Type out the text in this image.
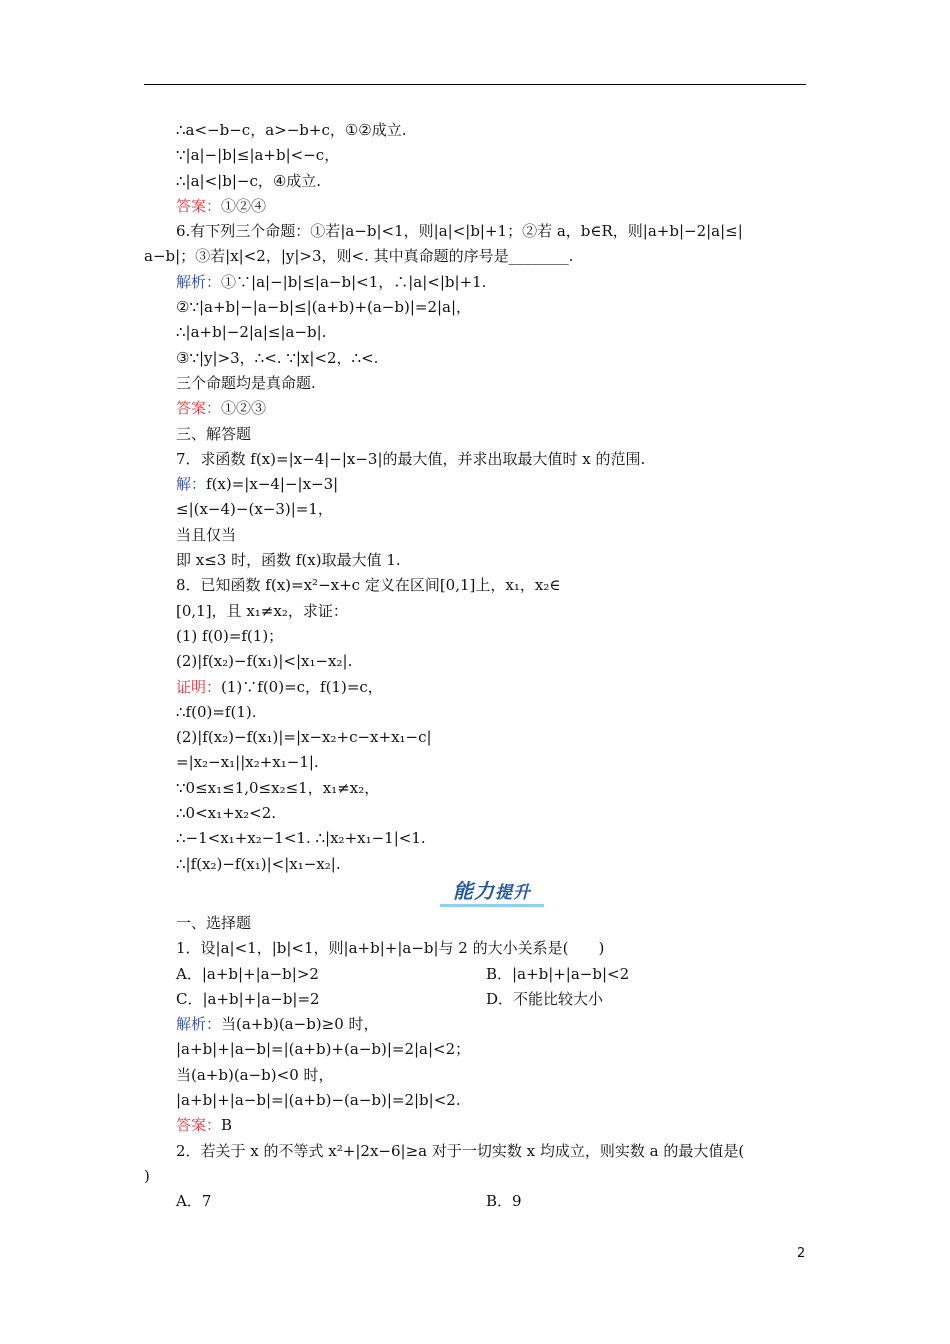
∴a<−b−c，a>−b+c，①②成立.
∵|a|−|b|≤|a+b|<−c，
∴|a|<|b|−c，④成立.
答案：①②④
6.有下列三个命题：①若|a−b|<1，则|a|<|b|+1；②若 a，b∈R，则|a+b|−2|a|≤|
a−b|；③若|x|<2，|y|>3，则<. 其中真命题的序号是________.
解析：①∵|a|−|b|≤|a−b|<1，∴|a|<|b|+1.
②∵|a+b|−|a−b|≤|(a+b)+(a−b)|=2|a|，
∴|a+b|−2|a|≤|a−b|.
③∵|y|>3，∴<. ∵|x|<2，∴<.
三个命题均是真命题.
答案：①②③
三、解答题
7．求函数 f(x)=|x−4|−|x−3|的最大值，并求出取最大值时 x 的范围.
解：f(x)=|x−4|−|x−3|
≤|(x−4)−(x−3)|=1，
当且仅当
即 x≤3 时，函数 f(x)取最大值 1.
8．已知函数 f(x)=x²−x+c 定义在区间[0,1]上，x₁，x₂∈
[0,1]，且 x₁≠x₂，求证：
(1) f(0)=f(1)；
(2)|f(x₂)−f(x₁)|<|x₁−x₂|.
证明：(1)∵f(0)=c，f(1)=c，
∴f(0)=f(1).
(2)|f(x₂)−f(x₁)|=|x−x₂+c−x+x₁−c|
=|x₂−x₁||x₂+x₁−1|.
∵0≤x₁≤1,0≤x₂≤1，x₁≠x₂，
∴0<x₁+x₂<2.
∴−1<x₁+x₂−1<1. ∴|x₂+x₁−1|<1.
∴|f(x₂)−f(x₁)|<|x₁−x₂|.
能力提升
一、选择题
1．设|a|<1，|b|<1，则|a+b|+|a−b|与 2 的大小关系是(　　)
A．|a+b|+|a−b|>2	B．|a+b|+|a−b|<2
C．|a+b|+|a−b|=2	D．不能比较大小
解析：当(a+b)(a−b)≥0 时，
|a+b|+|a−b|=|(a+b)+(a−b)|=2|a|<2；
当(a+b)(a−b)<0 时，
|a+b|+|a−b|=|(a+b)−(a−b)|=2|b|<2.
答案：B
2．若关于 x 的不等式 x²+|2x−6|≥a 对于一切实数 x 均成立，则实数 a 的最大值是(
)
A．7	B．9
2
